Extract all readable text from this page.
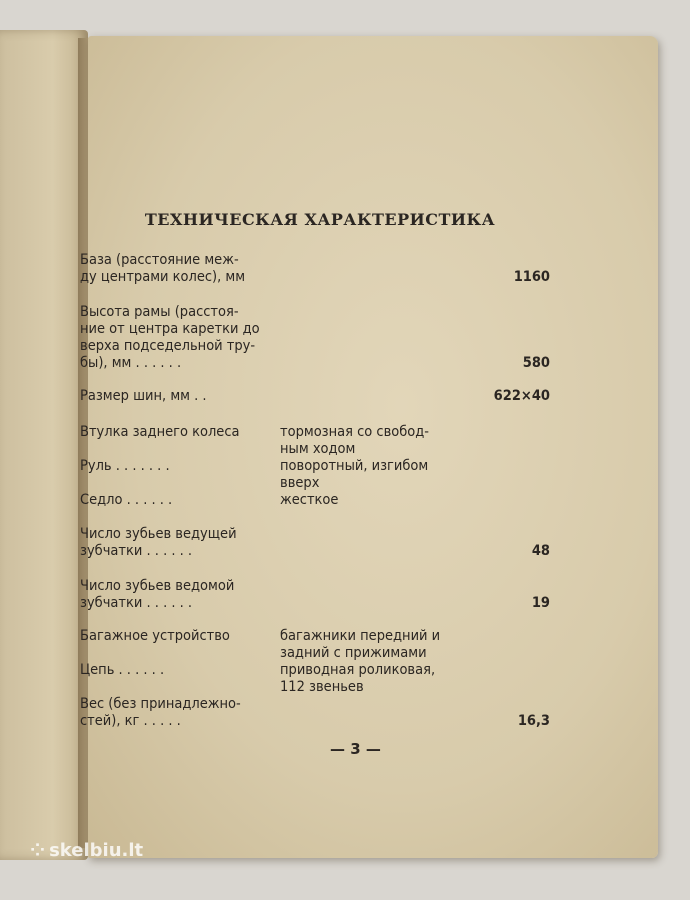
ТЕХНИЧЕСКАЯ ХАРАКТЕРИСТИКА
База (расстояние меж-
ду центрами колес), мм	1160
Высота рамы (расстоя-
ние от центра каретки до
верха подседельной тру-
бы), мм . . . . . .	580
Размер шин, мм . .	622×40
Втулка заднего колеса	тормозная со свобод-
ным ходом
Руль . . . . . . .	поворотный, изгибом
вверх
Седло . . . . . .	жесткое
Число зубьев ведущей
зубчатки . . . . . .	48
Число зубьев ведомой
зубчатки . . . . . .	19
Багажное устройство	багажники передний и
задний с прижимами
Цепь . . . . . .	приводная роликовая,
112 звеньев
Вес (без принадлежно-
стей), кг . . . . .	16,3
— 3 —
⁘ skelbiu.lt
